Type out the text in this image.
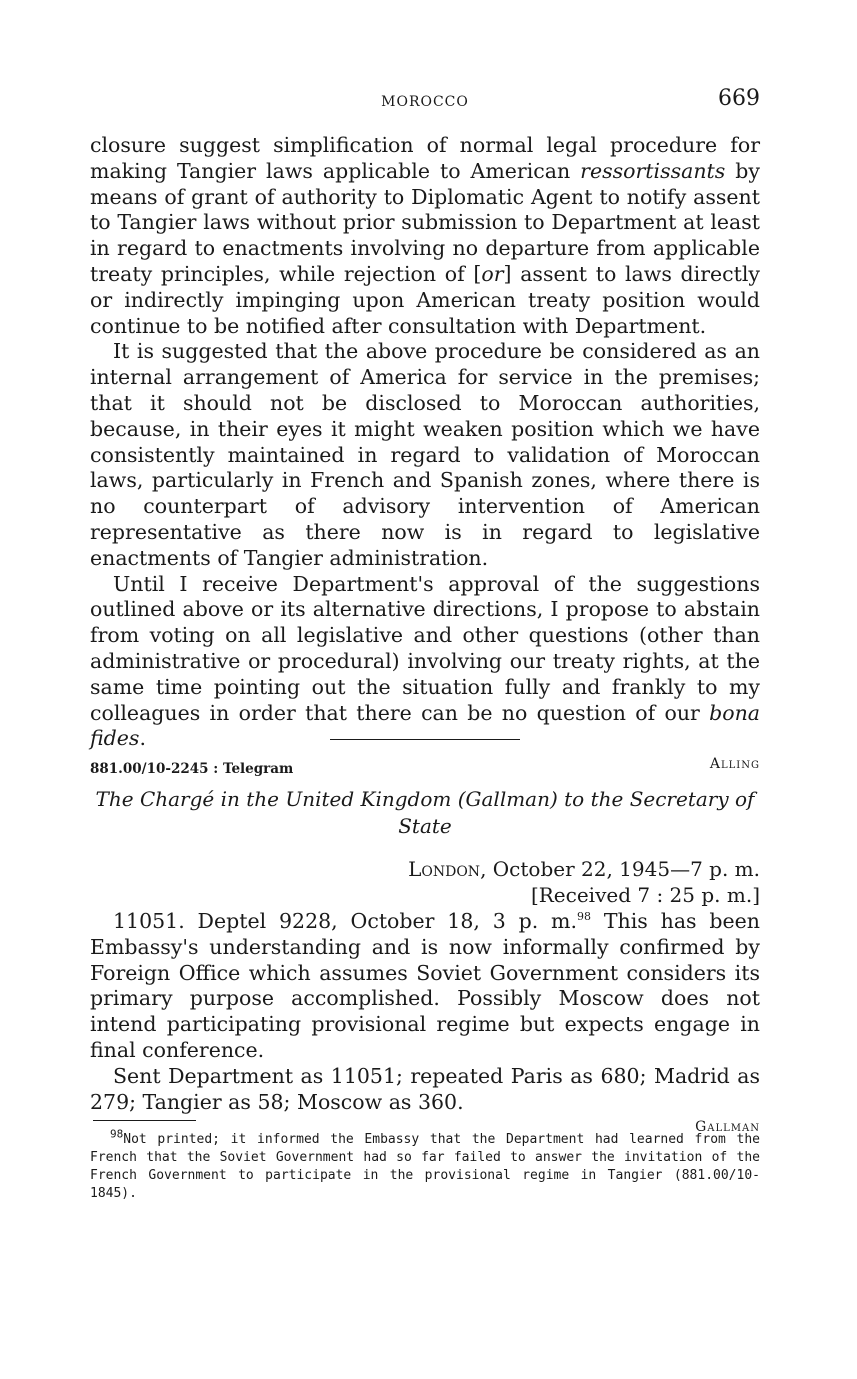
MOROCCO	669

closure suggest simplification of normal legal procedure for making Tangier laws applicable to American ressortissants by means of grant of authority to Diplomatic Agent to notify assent to Tangier laws without prior submission to Department at least in regard to enactments involving no departure from applicable treaty principles, while rejection of [or] assent to laws directly or indirectly impinging upon American treaty position would continue to be notified after consultation with Department.

It is suggested that the above procedure be considered as an internal arrangement of America for service in the premises; that it should not be disclosed to Moroccan authorities, because, in their eyes it might weaken position which we have consistently maintained in regard to validation of Moroccan laws, particularly in French and Spanish zones, where there is no counterpart of advisory intervention of American representative as there now is in regard to legislative enactments of Tangier administration.

Until I receive Department's approval of the suggestions outlined above or its alternative directions, I propose to abstain from voting on all legislative and other questions (other than administrative or procedural) involving our treaty rights, at the same time pointing out the situation fully and frankly to my colleagues in order that there can be no question of our bona fides.

Alling

881.00/10-2245 : Telegram
The Chargé in the United Kingdom (Gallman) to the Secretary of State
London, October 22, 1945—7 p. m.
[Received 7 : 25 p. m.]

11051. Deptel 9228, October 18, 3 p. m.$^{98}$ This has been Embassy's understanding and is now informally confirmed by Foreign Office which assumes Soviet Government considers its primary purpose accomplished. Possibly Moscow does not intend participating provisional regime but expects engage in final conference.

Sent Department as 11051; repeated Paris as 680; Madrid as 279; Tangier as 58; Moscow as 360.

Gallman

$^{98}$Not printed; it informed the Embassy that the Department had learned from the French that the Soviet Government had so far failed to answer the invitation of the French Government to participate in the provisional regime in Tangier (881.00/10-1845).
